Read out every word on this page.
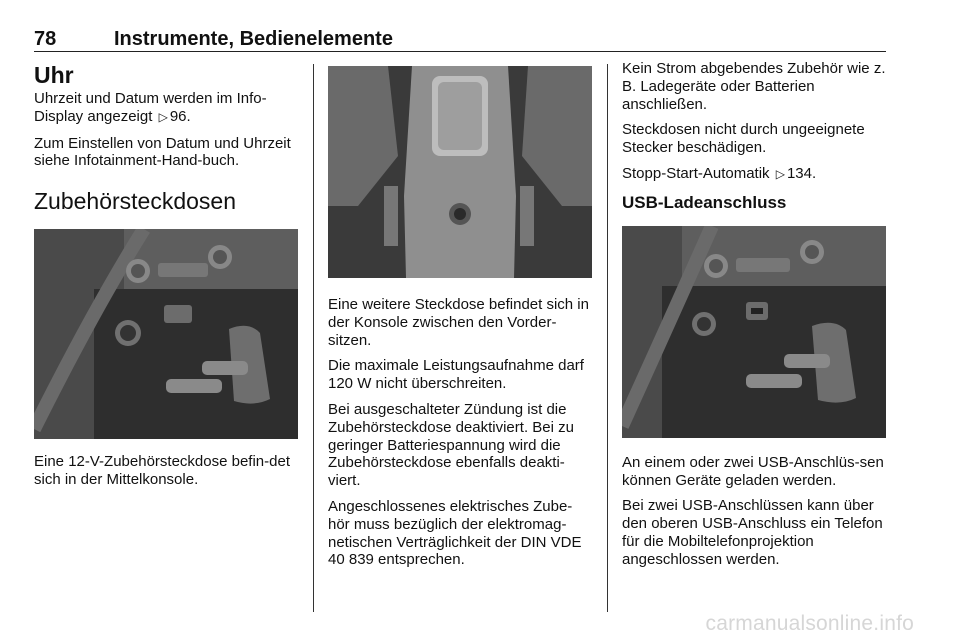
78	Instrumente, Bedienelemente
Uhr

Uhrzeit und Datum werden im Info-Display angezeigt ▷ 96.

Zum Einstellen von Datum und Uhrzeit siehe Infotainment-Hand-buch.

Zubehörsteckdosen

Eine 12-V-Zubehörsteckdose befin-det sich in der Mittelkonsole.

Eine weitere Steckdose befindet sich in der Konsole zwischen den Vorder-sitzen.

Die maximale Leistungsaufnahme darf 120 W nicht überschreiten.

Bei ausgeschalteter Zündung ist die Zubehörsteckdose deaktiviert. Bei zu geringer Batteriespannung wird die Zubehörsteckdose ebenfalls deakti-viert.

Angeschlossenes elektrisches Zube-hör muss bezüglich der elektromag-netischen Verträglichkeit der DIN VDE 40 839 entsprechen.

Kein Strom abgebendes Zubehör wie z. B. Ladegeräte oder Batterien anschließen.

Steckdosen nicht durch ungeeignete Stecker beschädigen.

Stopp-Start-Automatik ▷ 134.

USB-Ladeanschluss

An einem oder zwei USB-Anschlüs-sen können Geräte geladen werden.

Bei zwei USB-Anschlüssen kann über den oberen USB-Anschluss ein Telefon für die Mobiltelefonprojektion angeschlossen werden.

carmanualsonline.info
